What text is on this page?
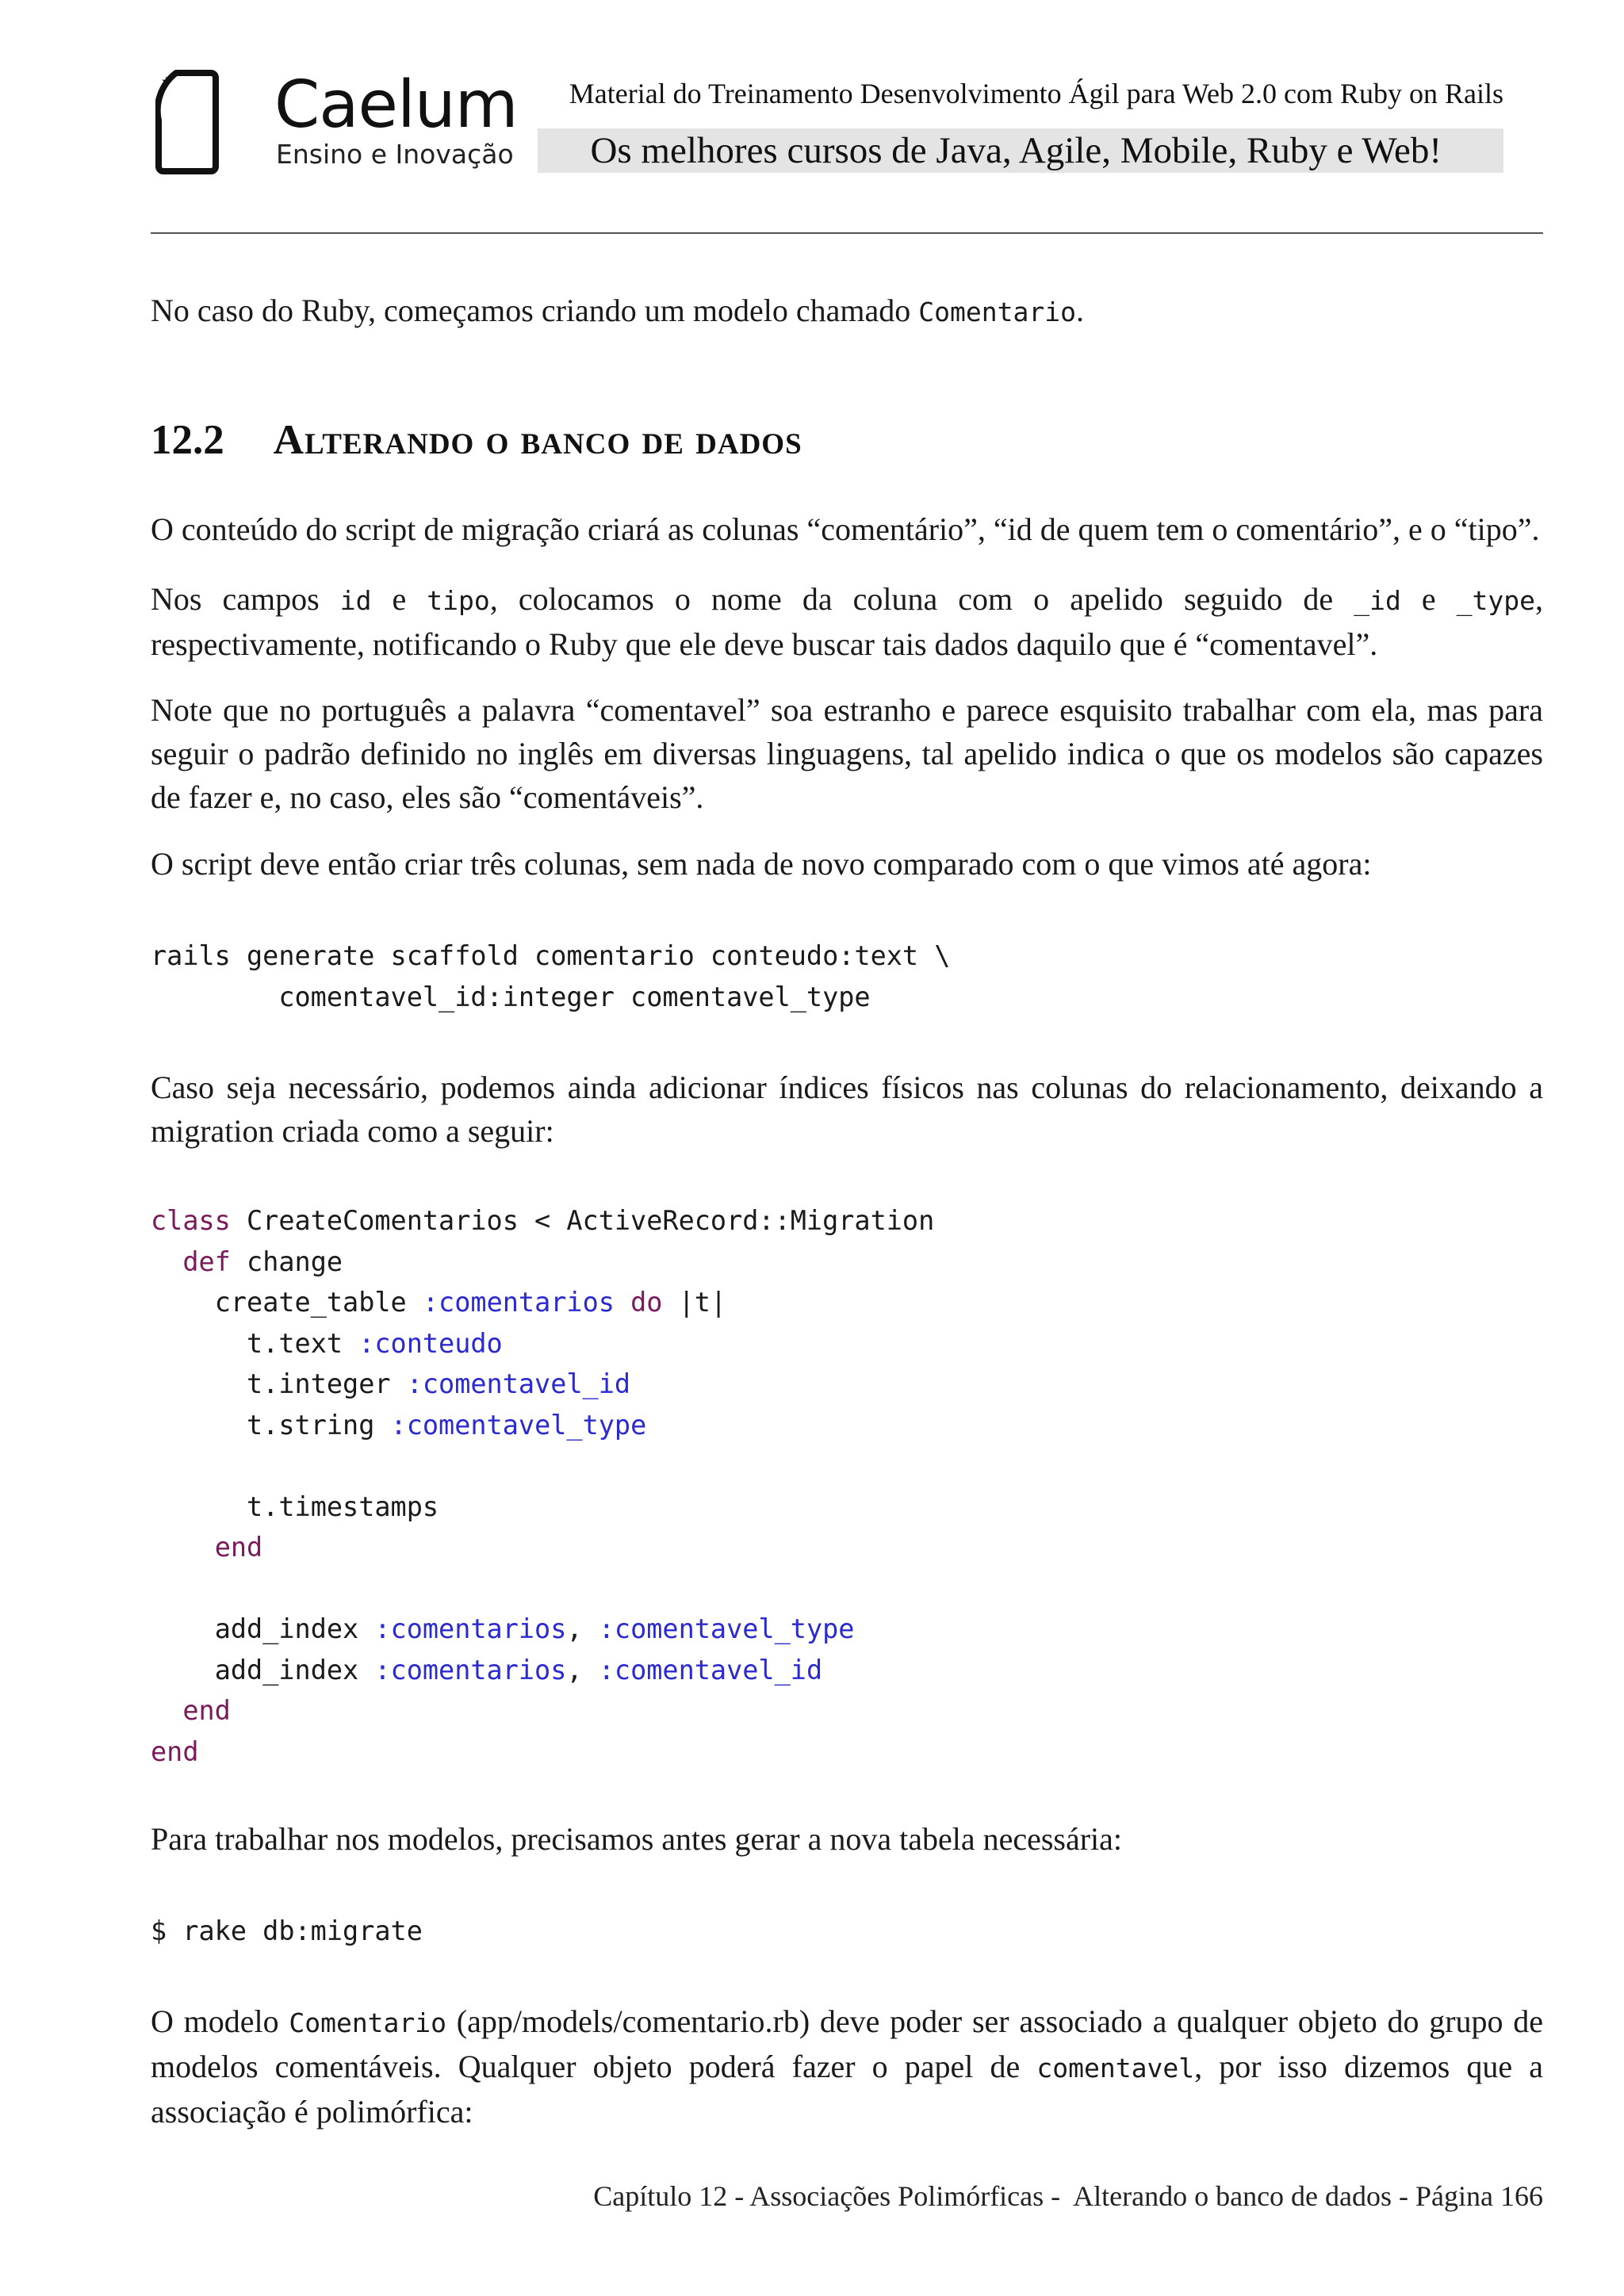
Caelum
Ensino e Inovação
Material do Treinamento Desenvolvimento Ágil para Web 2.0 com Ruby on Rails
Os melhores cursos de Java, Agile, Mobile, Ruby e Web!
No caso do Ruby, começamos criando um modelo chamado Comentario.
12.2 Alterando o banco de dados
O conteúdo do script de migração criará as colunas “comentário”, “id de quem tem o comentário”, e o “tipo”.
Nos campos id e tipo, colocamos o nome da coluna com o apelido seguido de _id e _type, respectivamente, notificando o Ruby que ele deve buscar tais dados daquilo que é “comentavel”.
Note que no português a palavra “comentavel” soa estranho e parece esquisito trabalhar com ela, mas para seguir o padrão definido no inglês em diversas linguagens, tal apelido indica o que os modelos são capazes de fazer e, no caso, eles são “comentáveis”.
O script deve então criar três colunas, sem nada de novo comparado com o que vimos até agora:
rails generate scaffold comentario conteudo:text \
comentavel_id:integer comentavel_type
Caso seja necessário, podemos ainda adicionar índices físicos nas colunas do relacionamento, deixando a migration criada como a seguir:
class CreateComentarios < ActiveRecord::Migration
def change
create_table :comentarios do |t|
t.text :conteudo
t.integer :comentavel_id
t.string :comentavel_type

t.timestamps
end

add_index :comentarios, :comentavel_type
add_index :comentarios, :comentavel_id
end
end
Para trabalhar nos modelos, precisamos antes gerar a nova tabela necessária:
$ rake db:migrate
O modelo Comentario (app/models/comentario.rb) deve poder ser associado a qualquer objeto do grupo de modelos comentáveis. Qualquer objeto poderá fazer o papel de comentavel, por isso dizemos que a associação é polimórfica:
Capítulo 12 - Associações Polimórficas -  Alterando o banco de dados - Página 166
